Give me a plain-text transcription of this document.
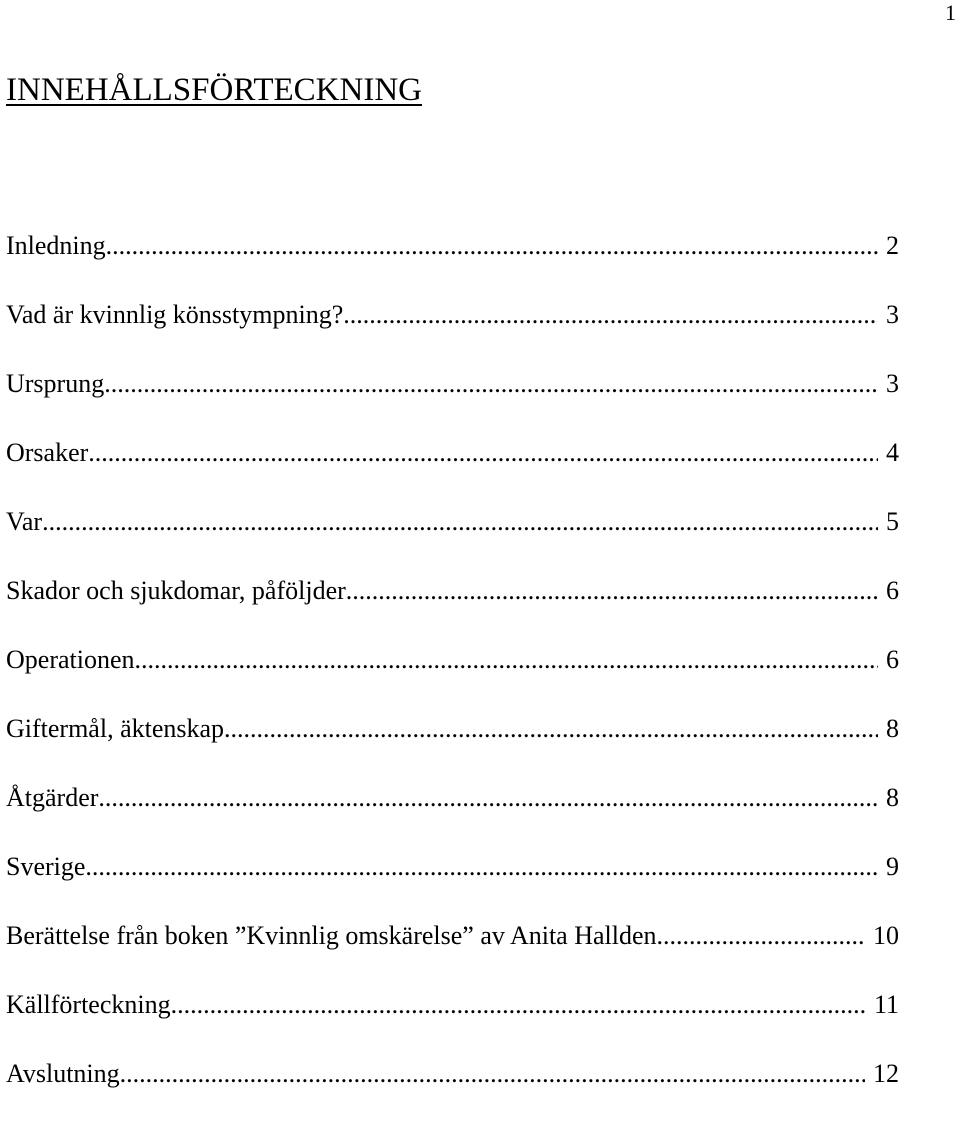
1
INNEHÅLLSFÖRTECKNING
Inledning .....	2
Vad är kvinnlig könsstympning? .....	3
Ursprung .....	3
Orsaker .....	4
Var .....	5
Skador och sjukdomar, påföljder .....	6
Operationen .....	6
Giftermål, äktenskap .....	8
Åtgärder .....	8
Sverige .....	9
Berättelse från boken ”Kvinnlig omskärelse” av Anita Hallden .....	10
Källförteckning .....	11
Avslutning .....	12
